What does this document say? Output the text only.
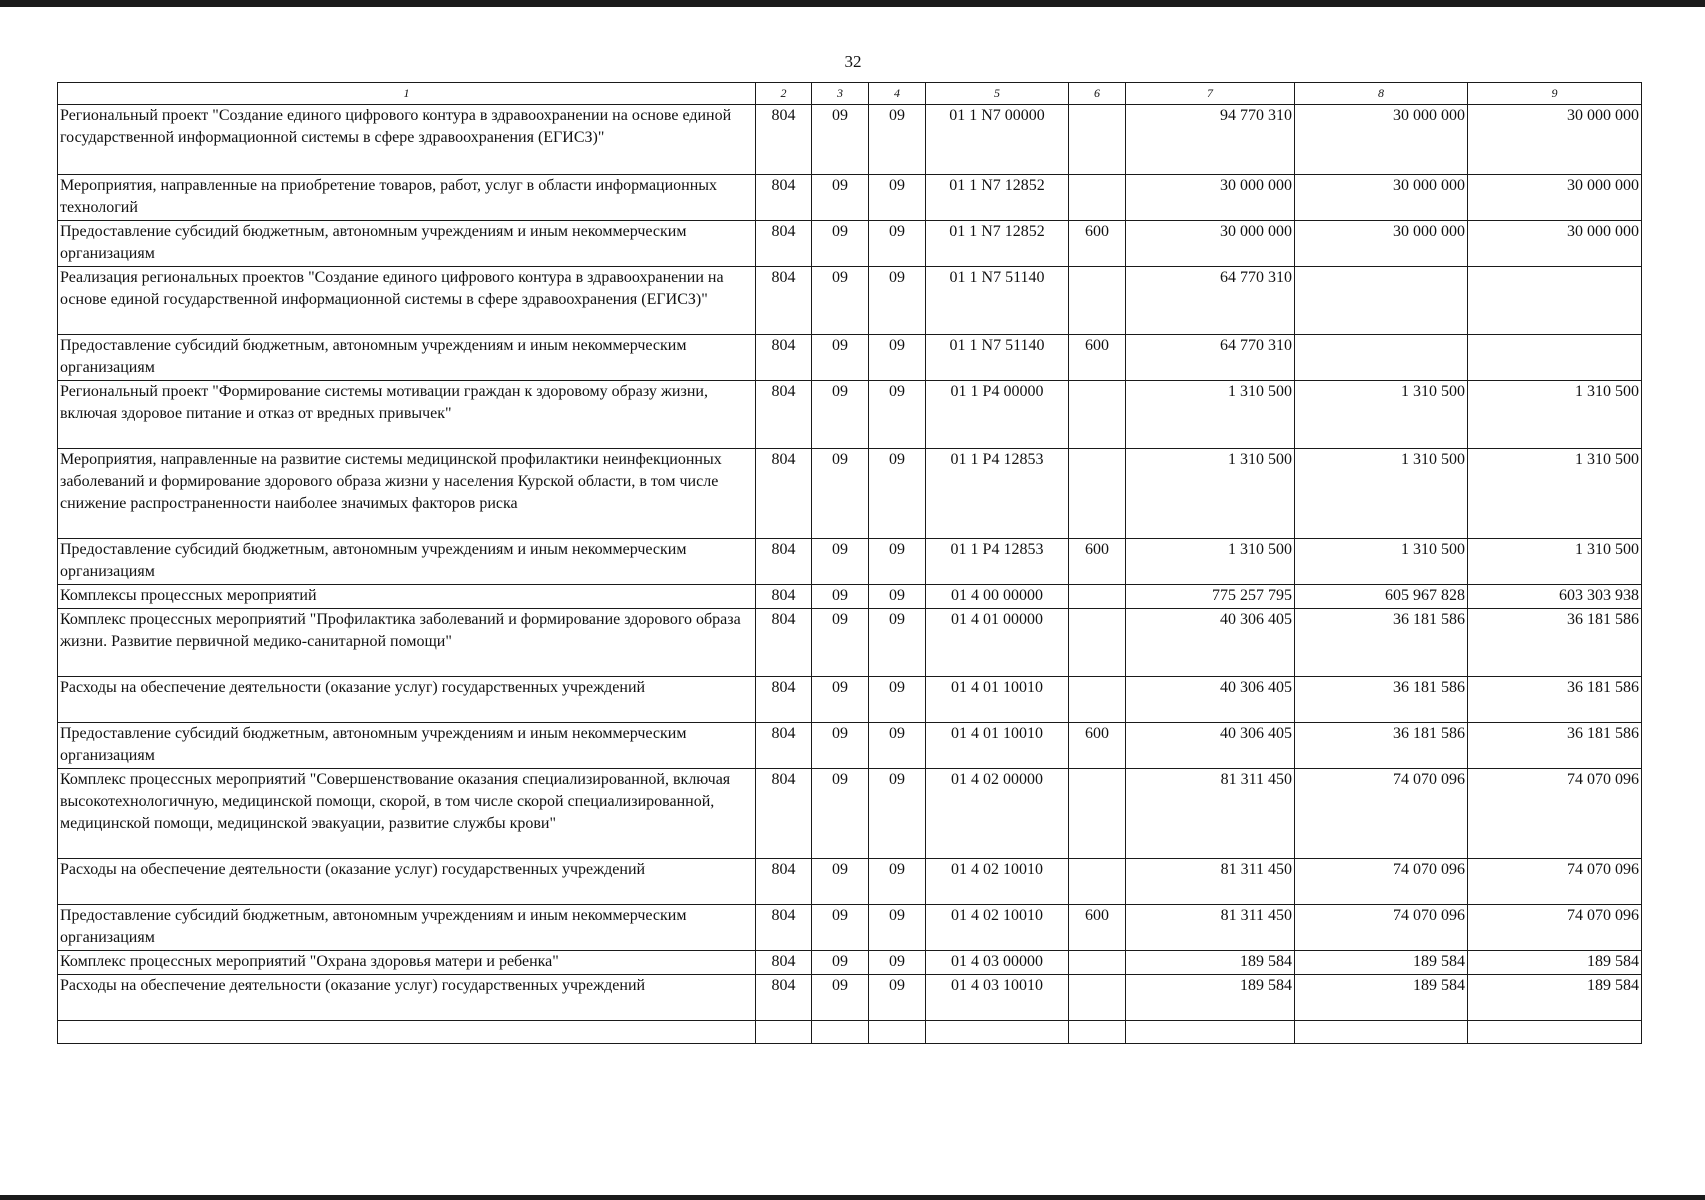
32
1	2	3	4	5	6	7	8	9
Региональный проект "Создание единого цифрового контура в здравоохранении на основе единой государственной информационной системы в сфере здравоохранения (ЕГИСЗ)"	804	09	09	01 1 N7 00000		94 770 310	30 000 000	30 000 000
Мероприятия, направленные на приобретение товаров, работ, услуг в области информационных технологий	804	09	09	01 1 N7 12852		30 000 000	30 000 000	30 000 000
Предоставление субсидий бюджетным, автономным учреждениям и иным некоммерческим организациям	804	09	09	01 1 N7 12852	600	30 000 000	30 000 000	30 000 000
Реализация региональных проектов "Создание единого цифрового контура в здравоохранении на основе единой государственной информационной системы в сфере здравоохранения (ЕГИСЗ)"	804	09	09	01 1 N7 51140		64 770 310		
Предоставление субсидий бюджетным, автономным учреждениям и иным некоммерческим организациям	804	09	09	01 1 N7 51140	600	64 770 310		
Региональный проект "Формирование системы мотивации граждан к здоровому образу жизни, включая здоровое питание и отказ от вредных привычек"	804	09	09	01 1 P4 00000		1 310 500	1 310 500	1 310 500
Мероприятия, направленные на развитие системы медицинской профилактики неинфекционных заболеваний и формирование здорового образа жизни у населения Курской области, в том числе снижение распространенности наиболее значимых факторов риска	804	09	09	01 1 P4 12853		1 310 500	1 310 500	1 310 500
Предоставление субсидий бюджетным, автономным учреждениям и иным некоммерческим организациям	804	09	09	01 1 P4 12853	600	1 310 500	1 310 500	1 310 500
Комплексы процессных мероприятий	804	09	09	01 4 00 00000		775 257 795	605 967 828	603 303 938
Комплекс процессных мероприятий "Профилактика заболеваний и формирование здорового образа жизни. Развитие первичной медико-санитарной помощи"	804	09	09	01 4 01 00000		40 306 405	36 181 586	36 181 586
Расходы на обеспечение деятельности (оказание услуг) государственных учреждений	804	09	09	01 4 01 10010		40 306 405	36 181 586	36 181 586
Предоставление субсидий бюджетным, автономным учреждениям и иным некоммерческим организациям	804	09	09	01 4 01 10010	600	40 306 405	36 181 586	36 181 586
Комплекс процессных мероприятий "Совершенствование оказания специализированной, включая высокотехнологичную, медицинской помощи, скорой, в том числе скорой специализированной, медицинской помощи, медицинской эвакуации, развитие службы крови"	804	09	09	01 4 02 00000		81 311 450	74 070 096	74 070 096
Расходы на обеспечение деятельности (оказание услуг) государственных учреждений	804	09	09	01 4 02 10010		81 311 450	74 070 096	74 070 096
Предоставление субсидий бюджетным, автономным учреждениям и иным некоммерческим организациям	804	09	09	01 4 02 10010	600	81 311 450	74 070 096	74 070 096
Комплекс процессных мероприятий "Охрана здоровья матери и ребенка"	804	09	09	01 4 03 00000		189 584	189 584	189 584
Расходы на обеспечение деятельности (оказание услуг) государственных учреждений	804	09	09	01 4 03 10010		189 584	189 584	189 584
